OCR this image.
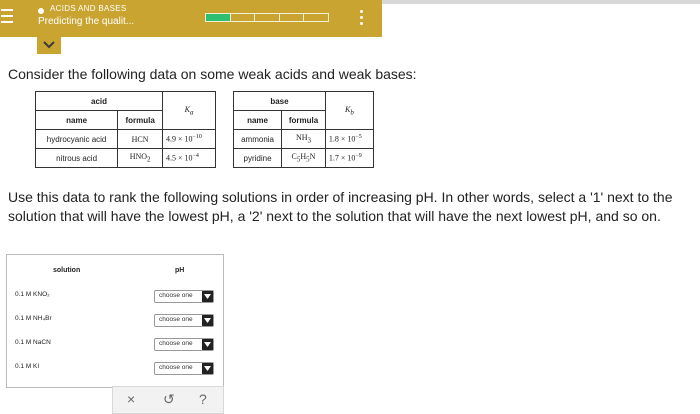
ACIDS AND BASES
Predicting the qualit...
Consider the following data on some weak acids and weak bases:
acid		$K_a$
name	formula	
hydrocyanic acid	HCN	$4.9 \times 10^{-10}$
nitrous acid	$HNO_2$	$4.5 \times 10^{-4}$
base		$K_b$
name	formula	
ammonia	$NH_3$	$1.8 \times 10^{-5}$
pyridine	$C_5H_5N$	$1.7 \times 10^{-9}$
Use this data to rank the following solutions in order of increasing pH. In other words, select a '1' next to the solution that will have the lowest pH, a '2' next to the solution that will have the next lowest pH, and so on.
solution	pH
0.1 M KNO₂	choose one
0.1 M NH₄Br	choose one
0.1 M NaCN	choose one
0.1 M KI	choose one
× ↺ ?
